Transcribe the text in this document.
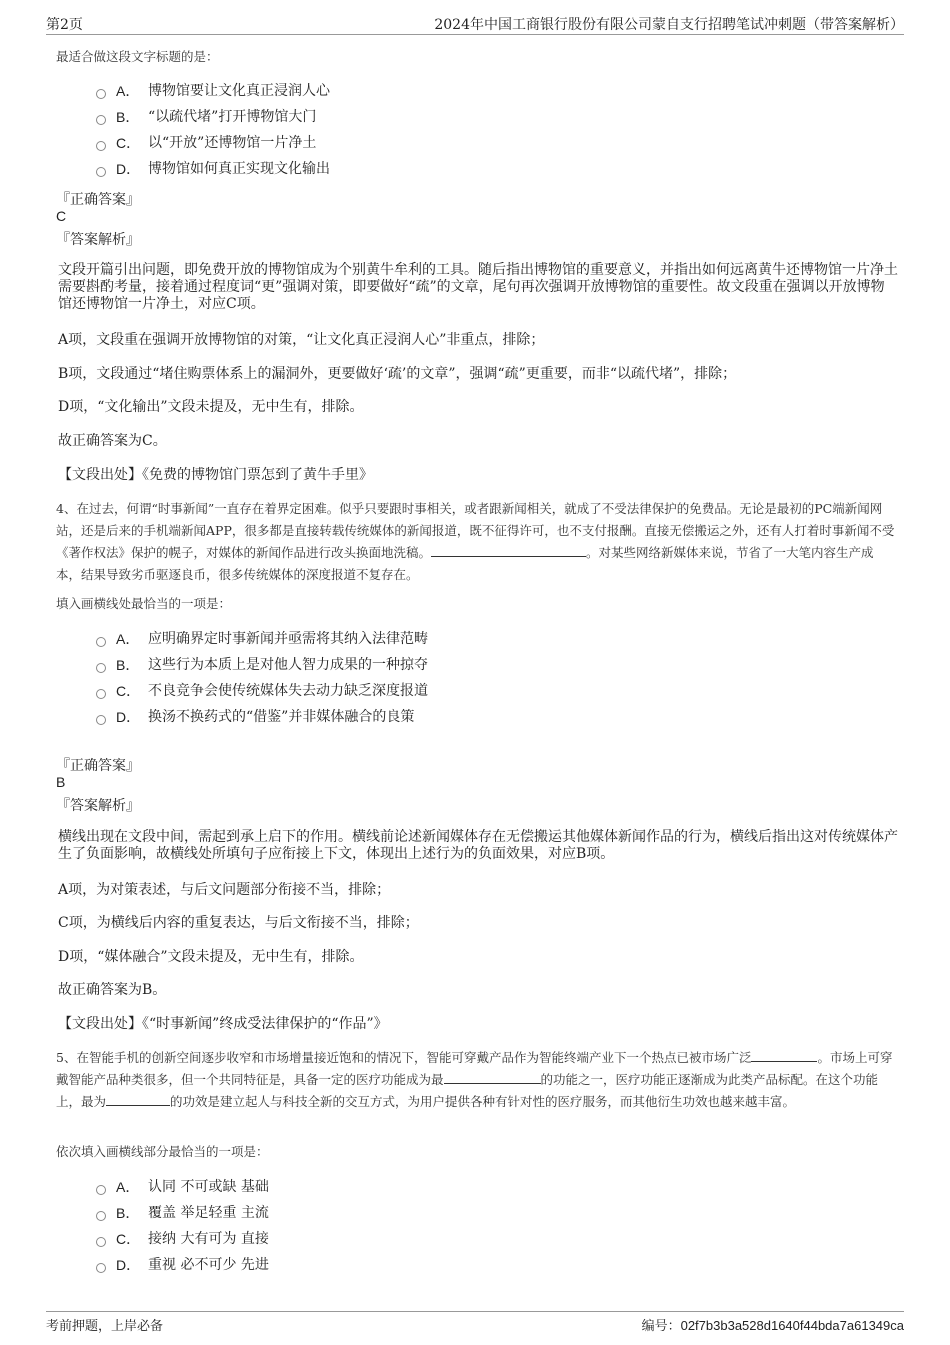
第2页	2024年中国工商银行股份有限公司蒙自支行招聘笔试冲刺题（带答案解析）
最适合做这段文字标题的是：
A． 博物馆要让文化真正浸润人心
B． “以疏代堵”打开博物馆大门
C． 以“开放”还博物馆一片净土
D． 博物馆如何真正实现文化输出
『正确答案』
C
『答案解析』
文段开篇引出问题，即免费开放的博物馆成为个别黄牛牟利的工具。随后指出博物馆的重要意义，并指出如何远离黄牛还博物馆一片净土需要斟酌考量，接着通过程度词“更”强调对策，即要做好“疏”的文章，尾句再次强调开放博物馆的重要性。故文段重在强调以开放博物馆还博物馆一片净土，对应C项。
A项，文段重在强调开放博物馆的对策，“让文化真正浸润人心”非重点，排除；
B项，文段通过“堵住购票体系上的漏洞外，更要做好‘疏’的文章”，强调“疏”更重要，而非“以疏代堵”，排除；
D项，“文化输出”文段未提及，无中生有，排除。
故正确答案为C。
【文段出处】《免费的博物馆门票怎到了黄牛手里》
4、在过去，何谓“时事新闻”一直存在着界定困难。似乎只要跟时事相关，或者跟新闻相关，就成了不受法律保护的免费品。无论是最初的PC端新闻网站，还是后来的手机端新闻APP，很多都是直接转载传统媒体的新闻报道，既不征得许可，也不支付报酬。直接无偿搬运之外，还有人打着时事新闻不受《著作权法》保护的幌子，对媒体的新闻作品进行改头换面地洗稿。	。对某些网络新媒体来说，节省了一大笔内容生产成本，结果导致劣币驱逐良币，很多传统媒体的深度报道不复存在。
填入画横线处最恰当的一项是：
A． 应明确界定时事新闻并亟需将其纳入法律范畴
B． 这些行为本质上是对他人智力成果的一种掠夺
C． 不良竞争会使传统媒体失去动力缺乏深度报道
D． 换汤不换药式的“借鉴”并非媒体融合的良策
『正确答案』
B
『答案解析』
横线出现在文段中间，需起到承上启下的作用。横线前论述新闻媒体存在无偿搬运其他媒体新闻作品的行为，横线后指出这对传统媒体产生了负面影响，故横线处所填句子应衔接上下文，体现出上述行为的负面效果，对应B项。
A项，为对策表述，与后文问题部分衔接不当，排除；
C项，为横线后内容的重复表达，与后文衔接不当，排除；
D项，“媒体融合”文段未提及，无中生有，排除。
故正确答案为B。
【文段出处】《“时事新闻”终成受法律保护的“作品”》
5、在智能手机的创新空间逐步收窄和市场增量接近饱和的情况下，智能可穿戴产品作为智能终端产业下一个热点已被市场广泛	。市场上可穿戴智能产品种类很多，但一个共同特征是，具备一定的医疗功能成为最	的功能之一，医疗功能正逐渐成为此类产品标配。在这个功能上，最为	的功效是建立起人与科技全新的交互方式，为用户提供各种有针对性的医疗服务，而其他衍生功效也越来越丰富。
依次填入画横线部分最恰当的一项是：
A． 认同 不可或缺 基础
B． 覆盖 举足轻重 主流
C． 接纳 大有可为 直接
D． 重视 必不可少 先进
考前押题，上岸必备	编号：02f7b3b3a528d1640f44bda7a61349ca
